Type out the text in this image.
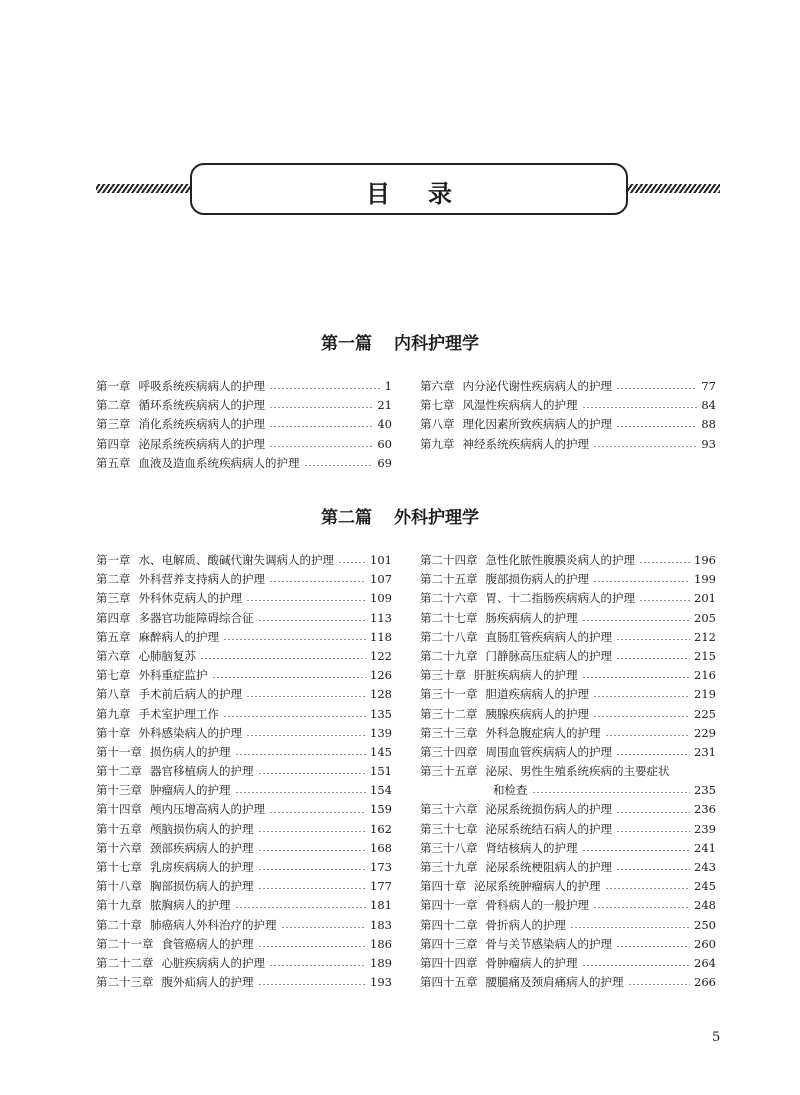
目录
第一篇 内科护理学
第一章 呼吸系统疾病病人的护理	1
第二章 循环系统疾病病人的护理	21
第三章 消化系统疾病病人的护理	40
第四章 泌尿系统疾病病人的护理	60
第五章 血液及造血系统疾病病人的护理	69
第六章 内分泌代谢性疾病病人的护理	77
第七章 风湿性疾病病人的护理	84
第八章 理化因素所致疾病病人的护理	88
第九章 神经系统疾病病人的护理	93
第二篇 外科护理学
第一章 水、电解质、酸碱代谢失调病人的护理	101
第二章 外科营养支持病人的护理	107
第三章 外科休克病人的护理	109
第四章 多器官功能障碍综合征	113
第五章 麻醉病人的护理	118
第六章 心肺脑复苏	122
第七章 外科重症监护	126
第八章 手术前后病人的护理	128
第九章 手术室护理工作	135
第十章 外科感染病人的护理	139
第十一章 损伤病人的护理	145
第十二章 器官移植病人的护理	151
第十三章 肿瘤病人的护理	154
第十四章 颅内压增高病人的护理	159
第十五章 颅脑损伤病人的护理	162
第十六章 颈部疾病病人的护理	168
第十七章 乳房疾病病人的护理	173
第十八章 胸部损伤病人的护理	177
第十九章 脓胸病人的护理	181
第二十章 肺癌病人外科治疗的护理	183
第二十一章 食管癌病人的护理	186
第二十二章 心脏疾病病人的护理	189
第二十三章 腹外疝病人的护理	193
第二十四章 急性化脓性腹膜炎病人的护理	196
第二十五章 腹部损伤病人的护理	199
第二十六章 胃、十二指肠疾病病人的护理	201
第二十七章 肠疾病病人的护理	205
第二十八章 直肠肛管疾病病人的护理	212
第二十九章 门静脉高压症病人的护理	215
第三十章 肝脏疾病病人的护理	216
第三十一章 胆道疾病病人的护理	219
第三十二章 胰腺疾病病人的护理	225
第三十三章 外科急腹症病人的护理	229
第三十四章 周围血管疾病病人的护理	231
第三十五章 泌尿、男性生殖系统疾病的主要症状
和检查	235
第三十六章 泌尿系统损伤病人的护理	236
第三十七章 泌尿系统结石病人的护理	239
第三十八章 肾结核病人的护理	241
第三十九章 泌尿系统梗阻病人的护理	243
第四十章 泌尿系统肿瘤病人的护理	245
第四十一章 骨科病人的一般护理	248
第四十二章 骨折病人的护理	250
第四十三章 骨与关节感染病人的护理	260
第四十四章 骨肿瘤病人的护理	264
第四十五章 腰腿痛及颈肩痛病人的护理	266
5
